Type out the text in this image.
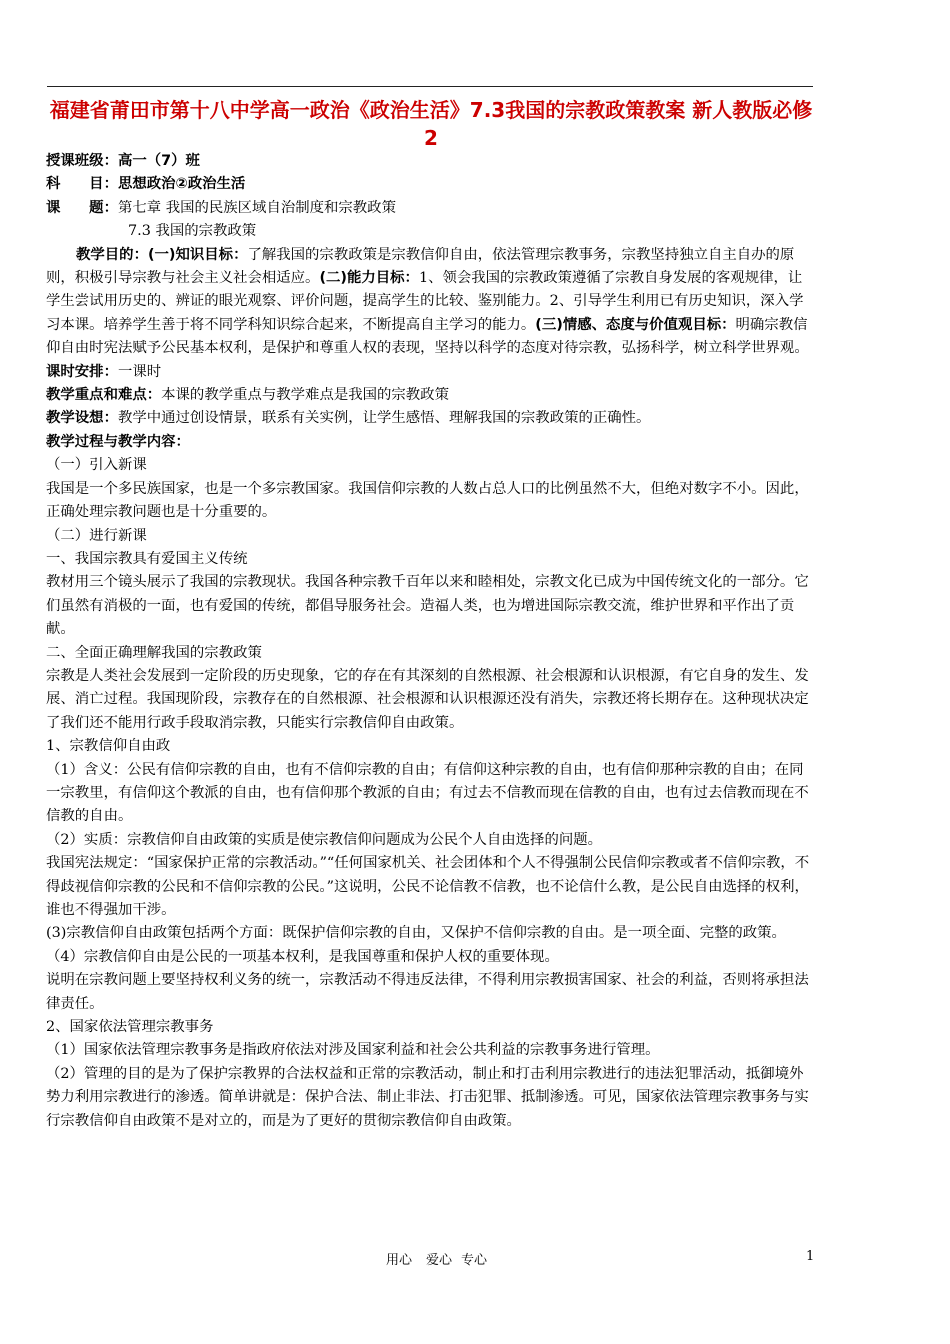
福建省莆田市第十八中学高一政治《政治生活》7.3我国的宗教政策教案 新人教版必修2

授课班级：高一（7）班

科　　目：思想政治②政治生活

课　　题：第七章 我国的民族区域自治制度和宗教政策

7.3 我国的宗教政策

教学目的：(一)知识目标：了解我国的宗教政策是宗教信仰自由，依法管理宗教事务，宗教坚持独立自主自办的原则，积极引导宗教与社会主义社会相适应。(二)能力目标：1、领会我国的宗教政策遵循了宗教自身发展的客观规律，让学生尝试用历史的、辨证的眼光观察、评价问题，提高学生的比较、鉴别能力。2、引导学生利用已有历史知识，深入学习本课。培养学生善于将不同学科知识综合起来，不断提高自主学习的能力。(三)情感、态度与价值观目标：明确宗教信仰自由时宪法赋予公民基本权利，是保护和尊重人权的表现，坚持以科学的态度对待宗教，弘扬科学，树立科学世界观。

课时安排：一课时

教学重点和难点：本课的教学重点与教学难点是我国的宗教政策

教学设想：教学中通过创设情景，联系有关实例，让学生感悟、理解我国的宗教政策的正确性。

教学过程与教学内容：

（一）引入新课

我国是一个多民族国家，也是一个多宗教国家。我国信仰宗教的人数占总人口的比例虽然不大，但绝对数字不小。因此，正确处理宗教问题也是十分重要的。

（二）进行新课

一、我国宗教具有爱国主义传统

教材用三个镜头展示了我国的宗教现状。我国各种宗教千百年以来和睦相处，宗教文化已成为中国传统文化的一部分。它们虽然有消极的一面，也有爱国的传统，都倡导服务社会。造福人类，也为增进国际宗教交流，维护世界和平作出了贡献。

二、全面正确理解我国的宗教政策

宗教是人类社会发展到一定阶段的历史现象，它的存在有其深刻的自然根源、社会根源和认识根源，有它自身的发生、发展、消亡过程。我国现阶段，宗教存在的自然根源、社会根源和认识根源还没有消失，宗教还将长期存在。这种现状决定了我们还不能用行政手段取消宗教，只能实行宗教信仰自由政策。

1、宗教信仰自由政

（1）含义：公民有信仰宗教的自由，也有不信仰宗教的自由；有信仰这种宗教的自由，也有信仰那种宗教的自由；在同一宗教里，有信仰这个教派的自由，也有信仰那个教派的自由；有过去不信教而现在信教的自由，也有过去信教而现在不信教的自由。

（2）实质：宗教信仰自由政策的实质是使宗教信仰问题成为公民个人自由选择的问题。

我国宪法规定：“国家保护正常的宗教活动。”“任何国家机关、社会团体和个人不得强制公民信仰宗教或者不信仰宗教，不得歧视信仰宗教的公民和不信仰宗教的公民。”这说明，公民不论信教不信教，也不论信什么教，是公民自由选择的权利，谁也不得强加干涉。

(3)宗教信仰自由政策包括两个方面：既保护信仰宗教的自由，又保护不信仰宗教的自由。是一项全面、完整的政策。

（4）宗教信仰自由是公民的一项基本权利，是我国尊重和保护人权的重要体现。

说明在宗教问题上要坚持权利义务的统一，宗教活动不得违反法律，不得利用宗教损害国家、社会的利益，否则将承担法律责任。

2、国家依法管理宗教事务

（1）国家依法管理宗教事务是指政府依法对涉及国家利益和社会公共利益的宗教事务进行管理。

（2）管理的目的是为了保护宗教界的合法权益和正常的宗教活动，制止和打击利用宗教进行的违法犯罪活动，抵御境外势力利用宗教进行的渗透。简单讲就是：保护合法、制止非法、打击犯罪、抵制渗透。可见，国家依法管理宗教事务与实行宗教信仰自由政策不是对立的，而是为了更好的贯彻宗教信仰自由政策。

用心 爱心 专心	1
